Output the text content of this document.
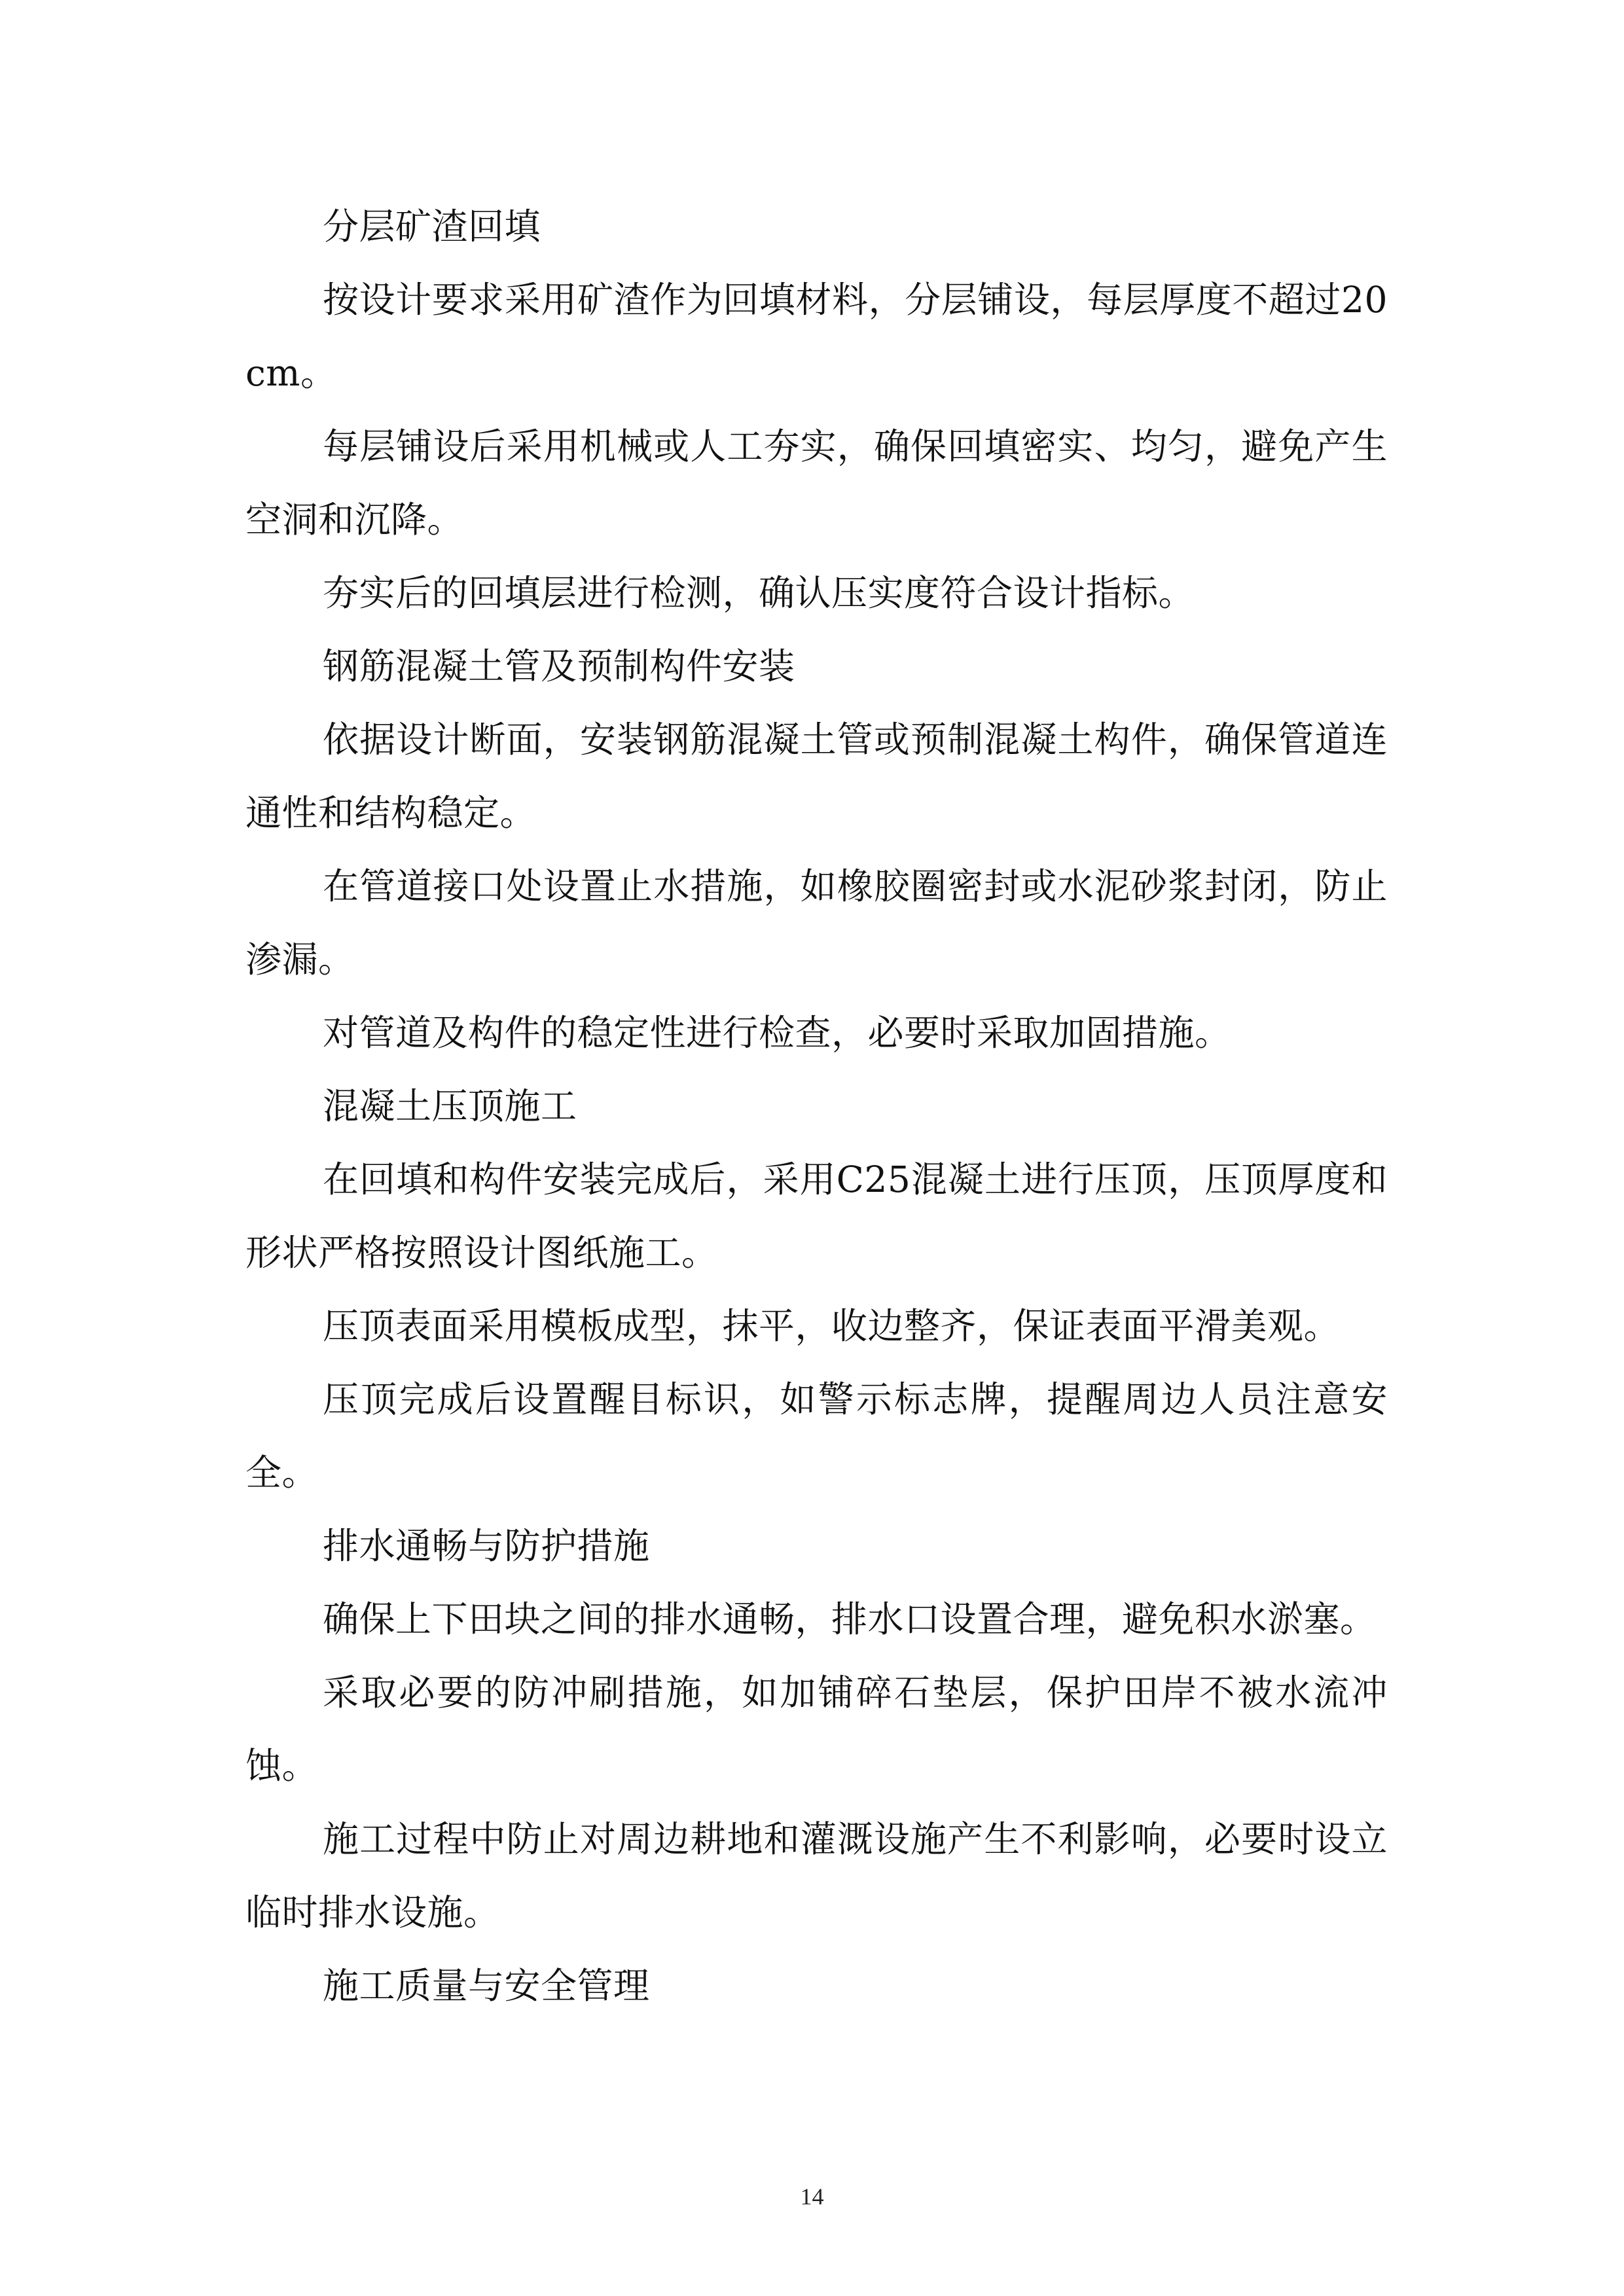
分层矿渣回填

按设计要求采用矿渣作为回填材料，分层铺设，每层厚度不超过20cm。

每层铺设后采用机械或人工夯实，确保回填密实、均匀，避免产生空洞和沉降。

夯实后的回填层进行检测，确认压实度符合设计指标。

钢筋混凝土管及预制构件安装

依据设计断面，安装钢筋混凝土管或预制混凝土构件，确保管道连通性和结构稳定。

在管道接口处设置止水措施，如橡胶圈密封或水泥砂浆封闭，防止渗漏。

对管道及构件的稳定性进行检查，必要时采取加固措施。

混凝土压顶施工

在回填和构件安装完成后，采用C25混凝土进行压顶，压顶厚度和形状严格按照设计图纸施工。

压顶表面采用模板成型，抹平，收边整齐，保证表面平滑美观。

压顶完成后设置醒目标识，如警示标志牌，提醒周边人员注意安全。

排水通畅与防护措施

确保上下田块之间的排水通畅，排水口设置合理，避免积水淤塞。

采取必要的防冲刷措施，如加铺碎石垫层，保护田岸不被水流冲蚀。

施工过程中防止对周边耕地和灌溉设施产生不利影响，必要时设立临时排水设施。

施工质量与安全管理

14
